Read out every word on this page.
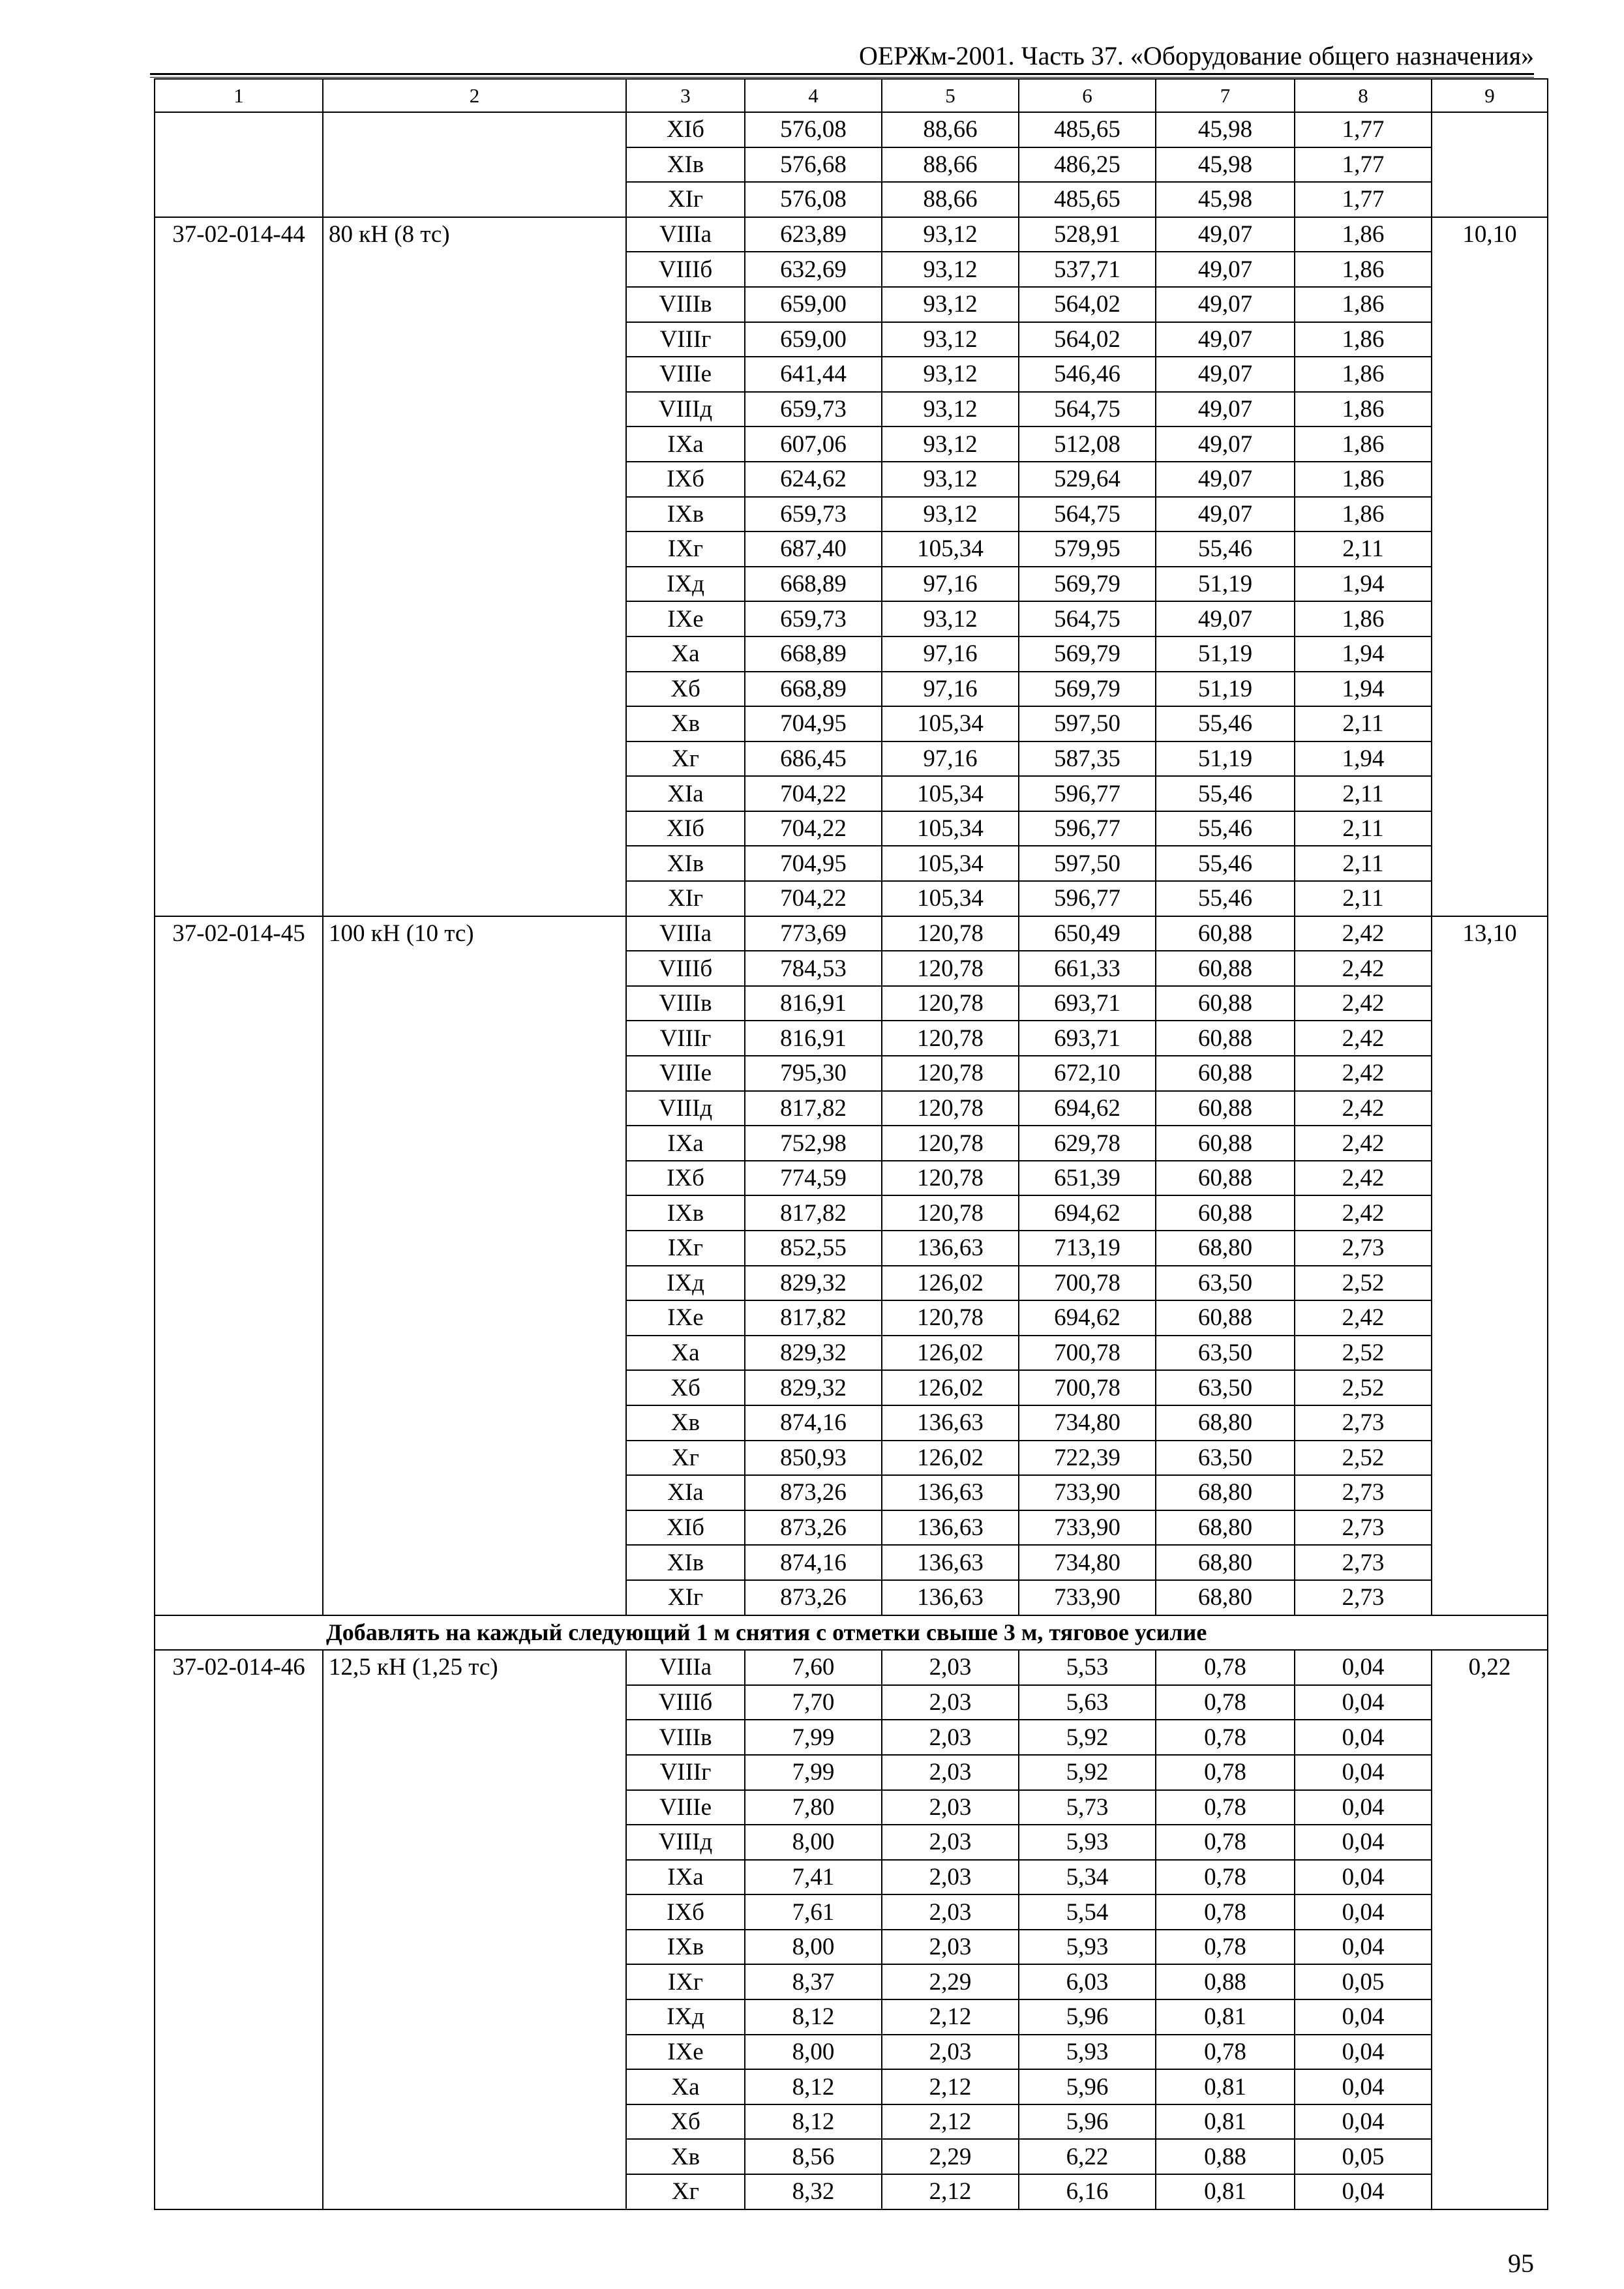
ОЕРЖм-2001. Часть 37. «Оборудование общего назначения»
1	2	3	4	5	6	7	8	9
		XIб	576,08	88,66	485,65	45,98	1,77	
		XIв	576,68	88,66	486,25	45,98	1,77	
		XIг	576,08	88,66	485,65	45,98	1,77	
37-02-014-44	80 кН (8 тс)	VIIIа	623,89	93,12	528,91	49,07	1,86	10,10
		VIIIб	632,69	93,12	537,71	49,07	1,86	
		VIIIв	659,00	93,12	564,02	49,07	1,86	
		VIIIг	659,00	93,12	564,02	49,07	1,86	
		VIIIе	641,44	93,12	546,46	49,07	1,86	
		VIIIд	659,73	93,12	564,75	49,07	1,86	
		IXа	607,06	93,12	512,08	49,07	1,86	
		IXб	624,62	93,12	529,64	49,07	1,86	
		IXв	659,73	93,12	564,75	49,07	1,86	
		IXг	687,40	105,34	579,95	55,46	2,11	
		IXд	668,89	97,16	569,79	51,19	1,94	
		IXе	659,73	93,12	564,75	49,07	1,86	
		Xа	668,89	97,16	569,79	51,19	1,94	
		Xб	668,89	97,16	569,79	51,19	1,94	
		Xв	704,95	105,34	597,50	55,46	2,11	
		Xг	686,45	97,16	587,35	51,19	1,94	
		XIа	704,22	105,34	596,77	55,46	2,11	
		XIб	704,22	105,34	596,77	55,46	2,11	
		XIв	704,95	105,34	597,50	55,46	2,11	
		XIг	704,22	105,34	596,77	55,46	2,11	
37-02-014-45	100 кН (10 тс)	VIIIа	773,69	120,78	650,49	60,88	2,42	13,10
		VIIIб	784,53	120,78	661,33	60,88	2,42	
		VIIIв	816,91	120,78	693,71	60,88	2,42	
		VIIIг	816,91	120,78	693,71	60,88	2,42	
		VIIIе	795,30	120,78	672,10	60,88	2,42	
		VIIIд	817,82	120,78	694,62	60,88	2,42	
		IXа	752,98	120,78	629,78	60,88	2,42	
		IXб	774,59	120,78	651,39	60,88	2,42	
		IXв	817,82	120,78	694,62	60,88	2,42	
		IXг	852,55	136,63	713,19	68,80	2,73	
		IXд	829,32	126,02	700,78	63,50	2,52	
		IXе	817,82	120,78	694,62	60,88	2,42	
		Xа	829,32	126,02	700,78	63,50	2,52	
		Xб	829,32	126,02	700,78	63,50	2,52	
		Xв	874,16	136,63	734,80	68,80	2,73	
		Xг	850,93	126,02	722,39	63,50	2,52	
		XIа	873,26	136,63	733,90	68,80	2,73	
		XIб	873,26	136,63	733,90	68,80	2,73	
		XIв	874,16	136,63	734,80	68,80	2,73	
		XIг	873,26	136,63	733,90	68,80	2,73	
Добавлять на каждый следующий 1 м снятия с отметки свыше 3 м, тяговое усилие								
37-02-014-46	12,5 кН (1,25 тс)	VIIIа	7,60	2,03	5,53	0,78	0,04	0,22
		VIIIб	7,70	2,03	5,63	0,78	0,04	
		VIIIв	7,99	2,03	5,92	0,78	0,04	
		VIIIг	7,99	2,03	5,92	0,78	0,04	
		VIIIе	7,80	2,03	5,73	0,78	0,04	
		VIIIд	8,00	2,03	5,93	0,78	0,04	
		IXа	7,41	2,03	5,34	0,78	0,04	
		IXб	7,61	2,03	5,54	0,78	0,04	
		IXв	8,00	2,03	5,93	0,78	0,04	
		IXг	8,37	2,29	6,03	0,88	0,05	
		IXд	8,12	2,12	5,96	0,81	0,04	
		IXе	8,00	2,03	5,93	0,78	0,04	
		Xа	8,12	2,12	5,96	0,81	0,04	
		Xб	8,12	2,12	5,96	0,81	0,04	
		Xв	8,56	2,29	6,22	0,88	0,05	
		Xг	8,32	2,12	6,16	0,81	0,04	
95
